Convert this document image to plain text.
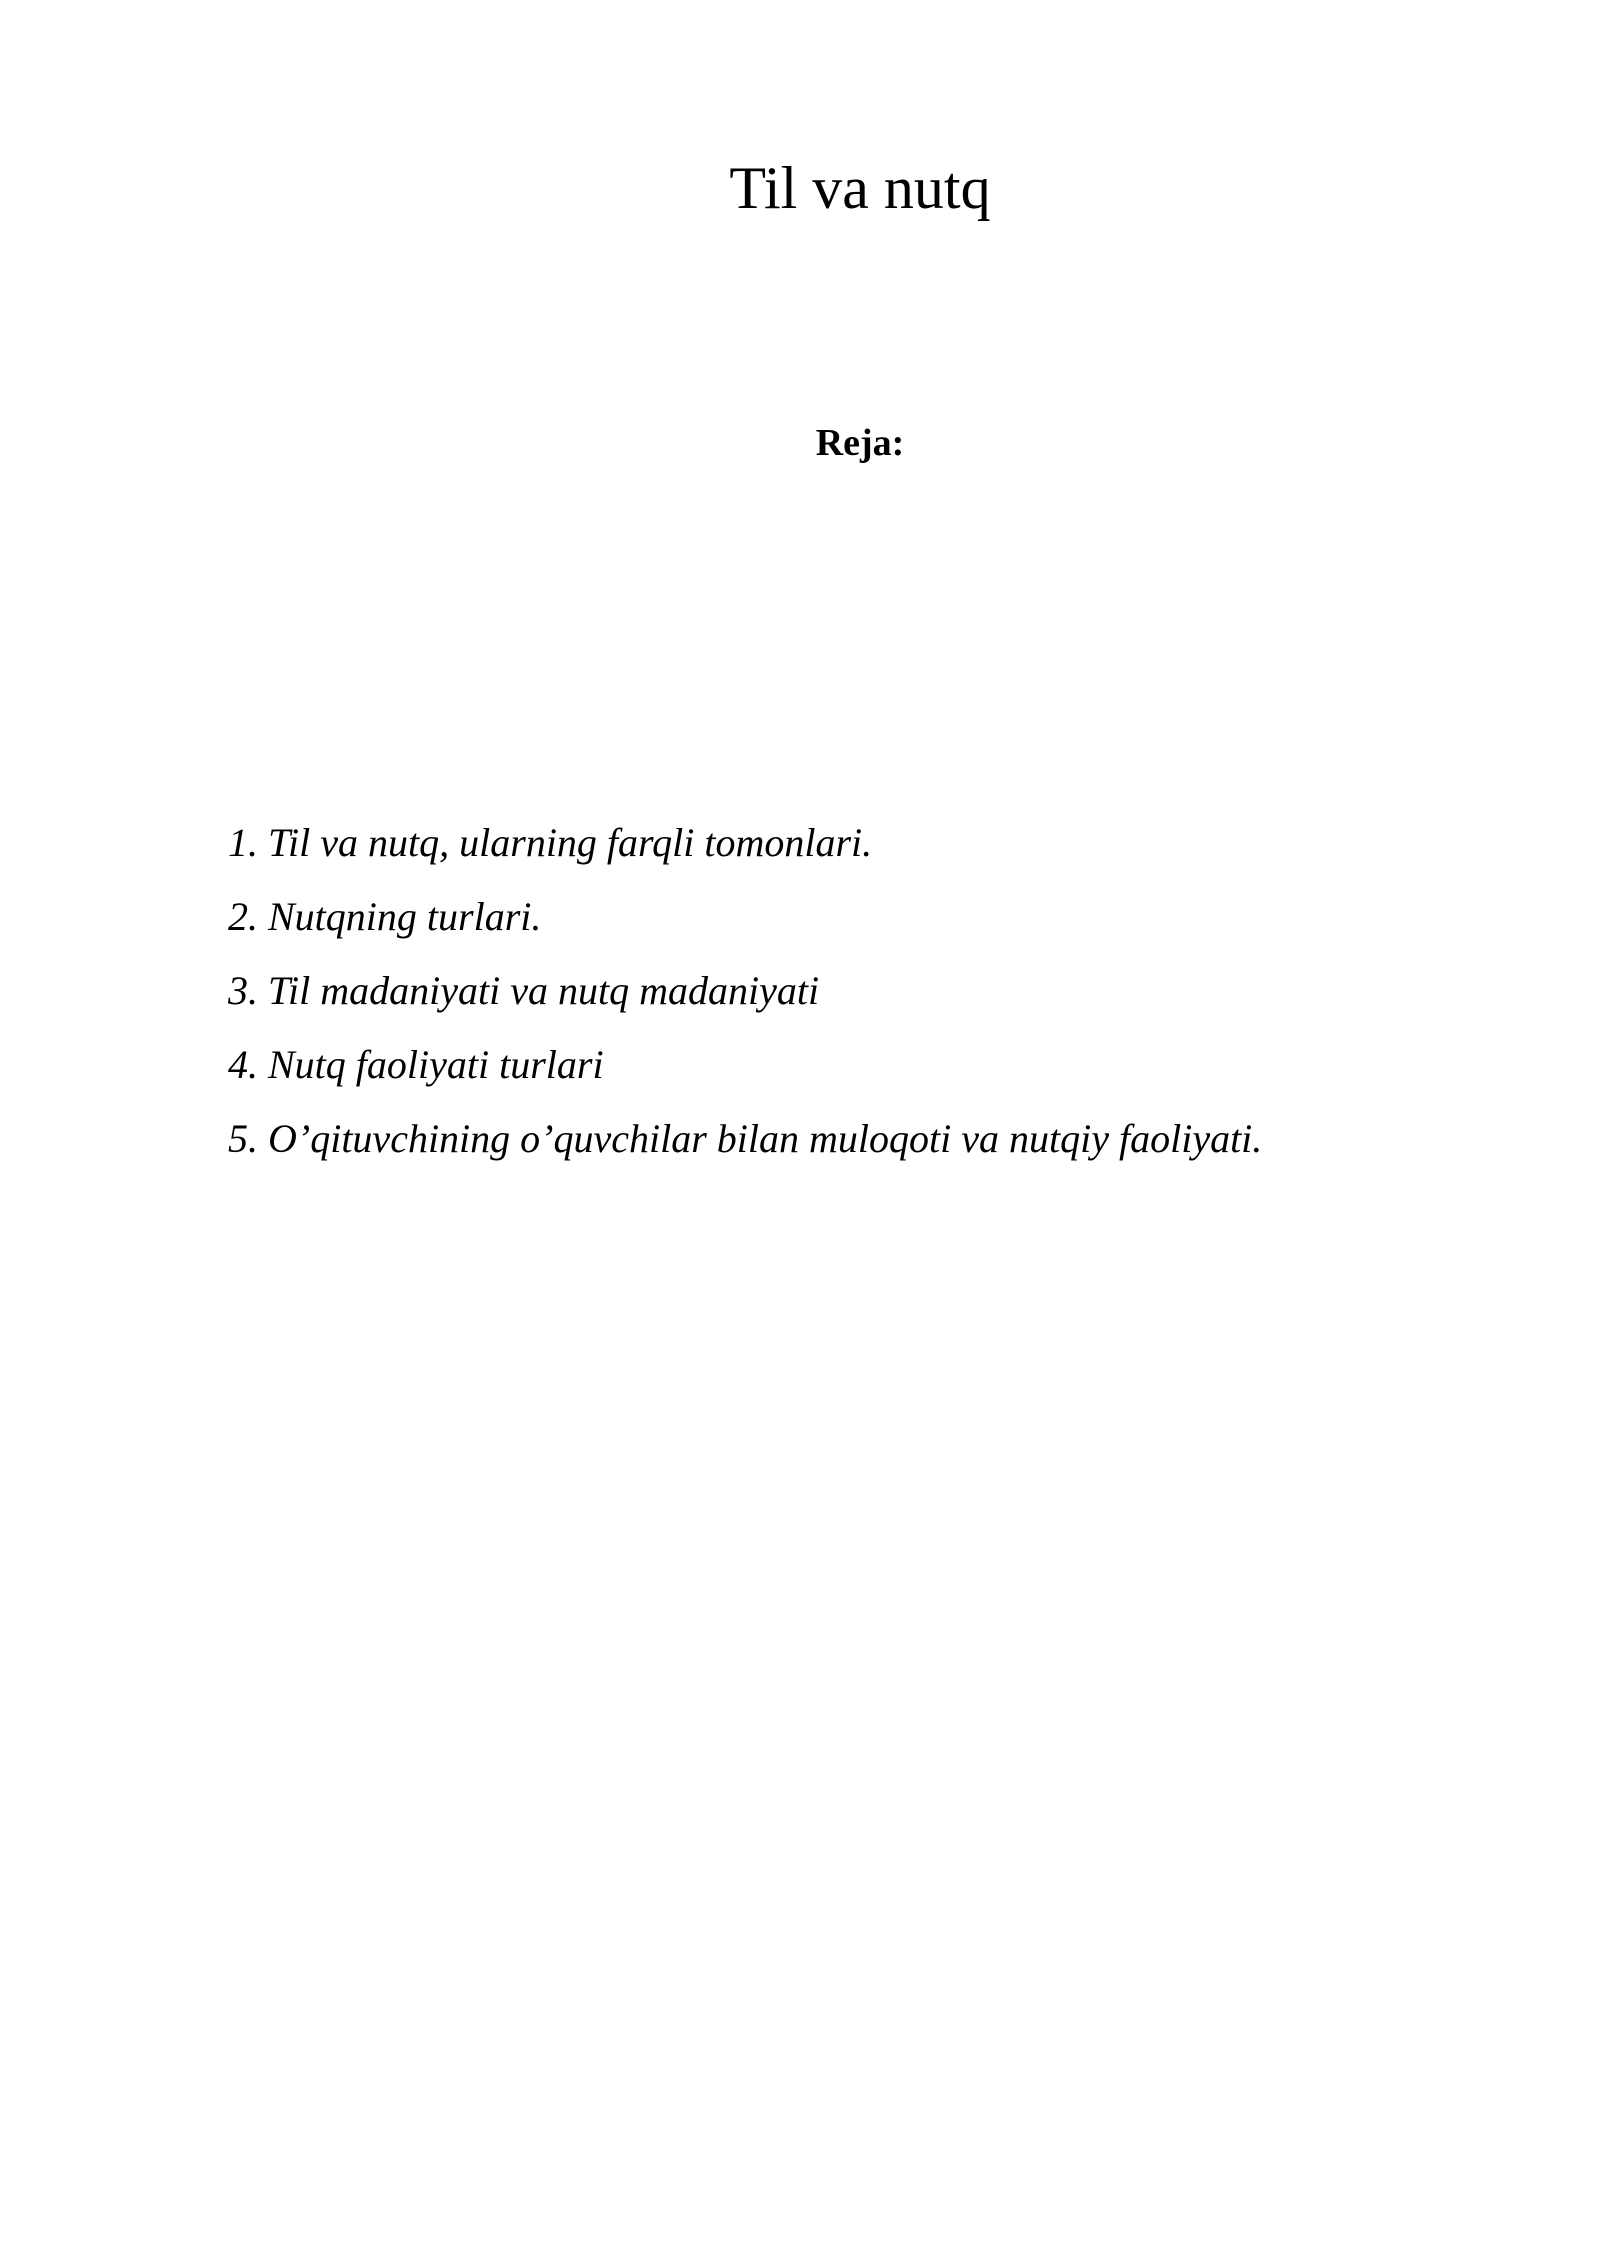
Til va nutq
Reja:
1. Til va nutq, ularning farqli tomonlari.
2. Nutqning turlari.
3. Til madaniyati va nutq madaniyati
4. Nutq faoliyati turlari
5. O’qituvchining o’quvchilar bilan muloqoti va nutqiy faoliyati.
